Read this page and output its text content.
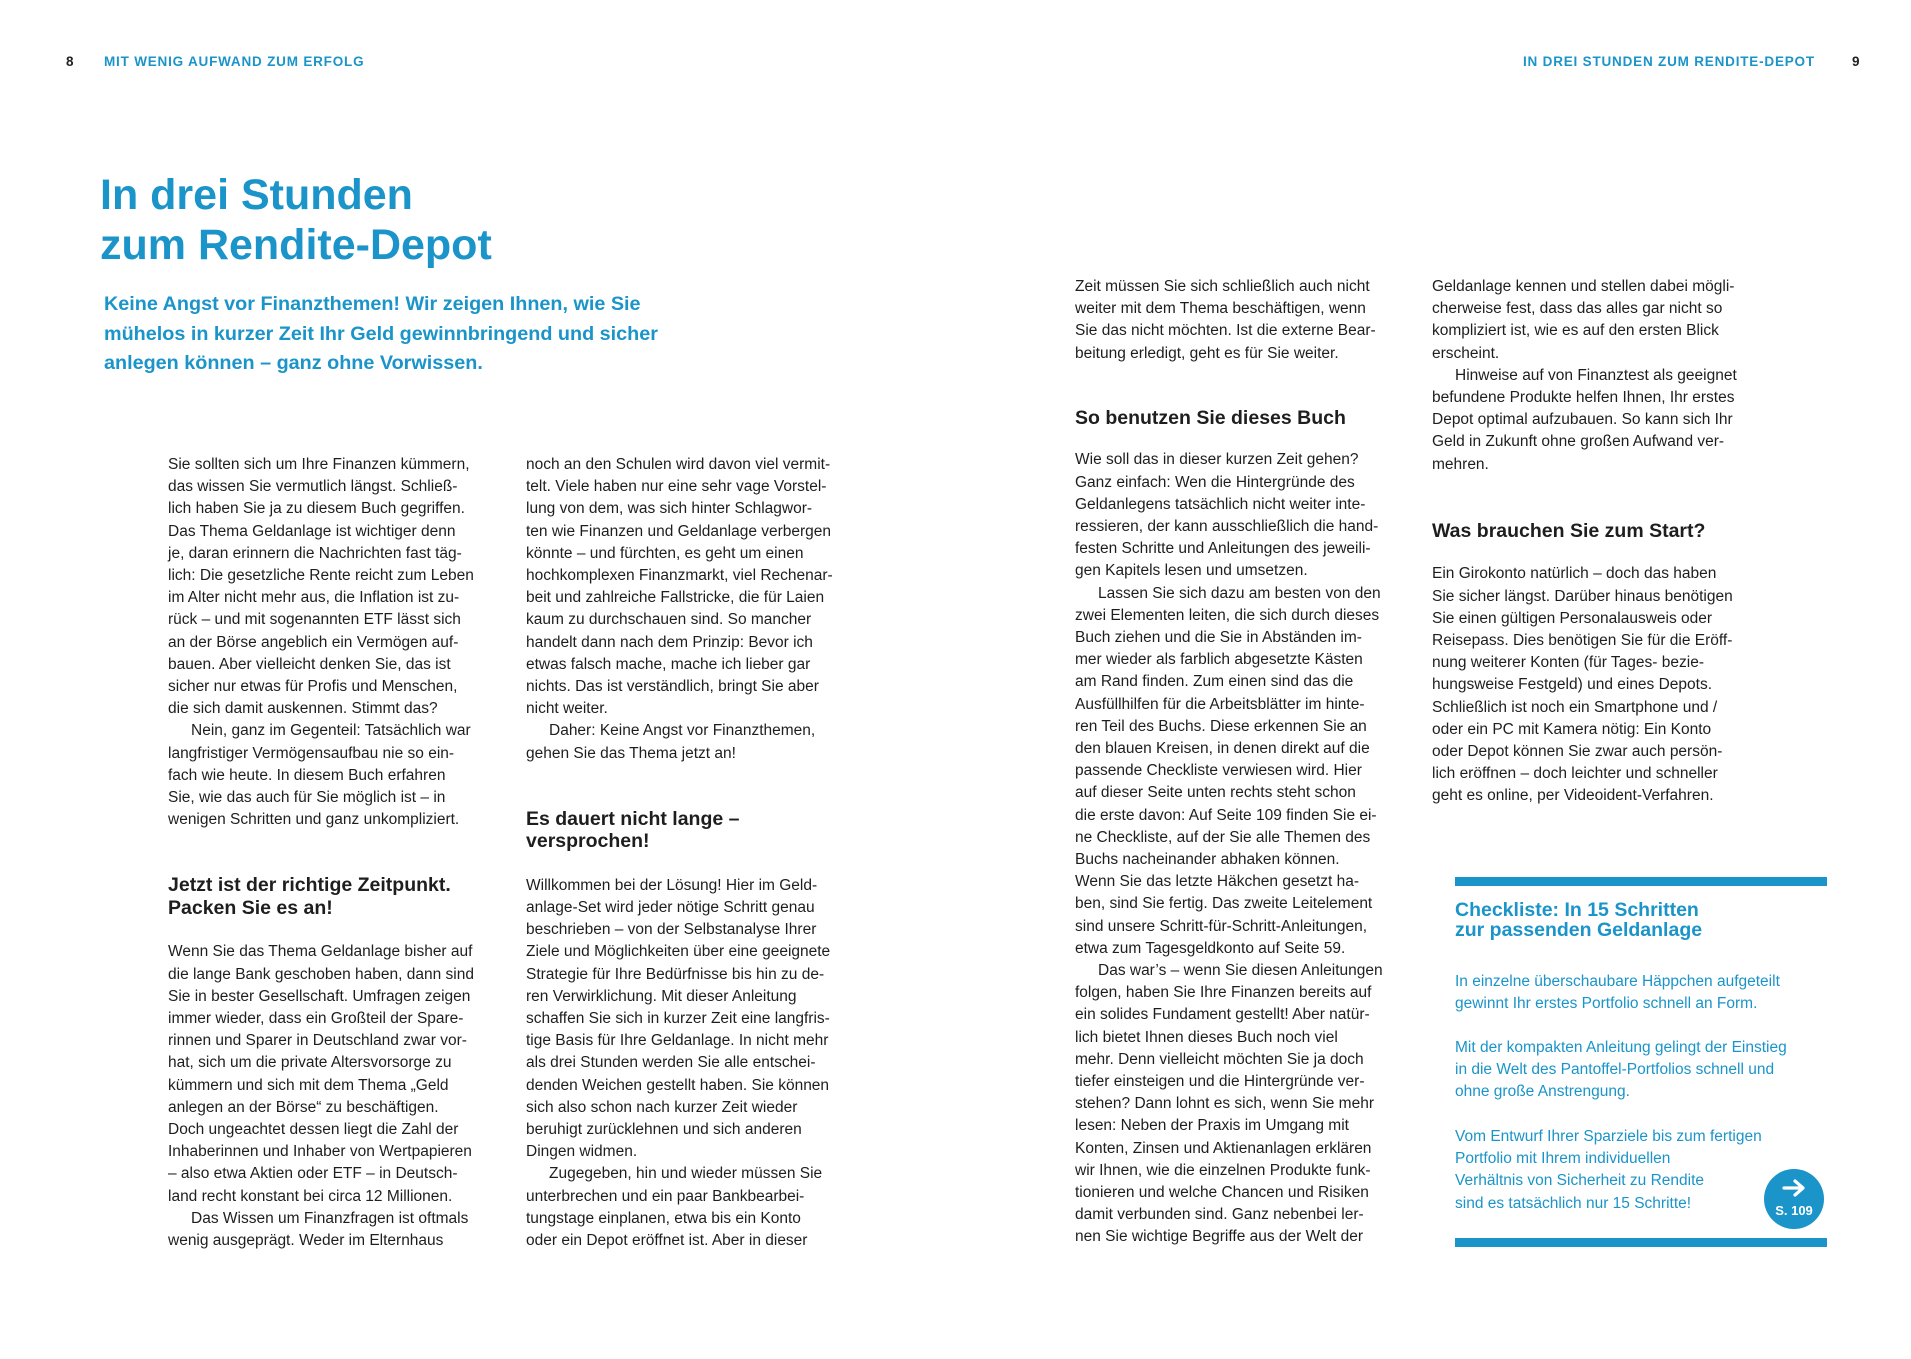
8 MIT WENIG AUFWAND ZUM ERFOLG	IN DREI STUNDEN ZUM RENDITE-DEPOT	9
In drei Stunden
zum Rendite-Depot

Keine Angst vor Finanzthemen! Wir zeigen Ihnen, wie Sie
mühelos in kurzer Zeit Ihr Geld gewinnbringend und sicher
anlegen können – ganz ohne Vorwissen.

Sie sollten sich um Ihre Finanzen kümmern,
das wissen Sie vermutlich längst. Schließ-
lich haben Sie ja zu diesem Buch gegriffen.
Das Thema Geldanlage ist wichtiger denn
je, daran erinnern die Nachrichten fast täg-
lich: Die gesetzliche Rente reicht zum Leben
im Alter nicht mehr aus, die Inflation ist zu-
rück – und mit sogenannten ETF lässt sich
an der Börse angeblich ein Vermögen auf-
bauen. Aber vielleicht denken Sie, das ist
sicher nur etwas für Profis und Menschen,
die sich damit auskennen. Stimmt das?

Nein, ganz im Gegenteil: Tatsächlich war
langfristiger Vermögensaufbau nie so ein-
fach wie heute. In diesem Buch erfahren
Sie, wie das auch für Sie möglich ist – in
wenigen Schritten und ganz unkompliziert.

Jetzt ist der richtige Zeitpunkt.
Packen Sie es an!

Wenn Sie das Thema Geldanlage bisher auf
die lange Bank geschoben haben, dann sind
Sie in bester Gesellschaft. Umfragen zeigen
immer wieder, dass ein Großteil der Spare-
rinnen und Sparer in Deutschland zwar vor-
hat, sich um die private Altersvorsorge zu
kümmern und sich mit dem Thema „Geld
anlegen an der Börse“ zu beschäftigen.
Doch ungeachtet dessen liegt die Zahl der
Inhaberinnen und Inhaber von Wertpapieren
– also etwa Aktien oder ETF – in Deutsch-
land recht konstant bei circa 12 Millionen.

Das Wissen um Finanzfragen ist oftmals
wenig ausgeprägt. Weder im Elternhaus

noch an den Schulen wird davon viel vermit-
telt. Viele haben nur eine sehr vage Vorstel-
lung von dem, was sich hinter Schlagwor-
ten wie Finanzen und Geldanlage verbergen
könnte – und fürchten, es geht um einen
hochkomplexen Finanzmarkt, viel Rechenar-
beit und zahlreiche Fallstricke, die für Laien
kaum zu durchschauen sind. So mancher
handelt dann nach dem Prinzip: Bevor ich
etwas falsch mache, mache ich lieber gar
nichts. Das ist verständlich, bringt Sie aber
nicht weiter.

Daher: Keine Angst vor Finanzthemen,
gehen Sie das Thema jetzt an!

Es dauert nicht lange –
versprochen!

Willkommen bei der Lösung! Hier im Geld-
anlage-Set wird jeder nötige Schritt genau
beschrieben – von der Selbstanalyse Ihrer
Ziele und Möglichkeiten über eine geeignete
Strategie für Ihre Bedürfnisse bis hin zu de-
ren Verwirklichung. Mit dieser Anleitung
schaffen Sie sich in kurzer Zeit eine langfris-
tige Basis für Ihre Geldanlage. In nicht mehr
als drei Stunden werden Sie alle entschei-
denden Weichen gestellt haben. Sie können
sich also schon nach kurzer Zeit wieder
beruhigt zurücklehnen und sich anderen
Dingen widmen.

Zugegeben, hin und wieder müssen Sie
unterbrechen und ein paar Bankbearbei-
tungstage einplanen, etwa bis ein Konto
oder ein Depot eröffnet ist. Aber in dieser

Zeit müssen Sie sich schließlich auch nicht
weiter mit dem Thema beschäftigen, wenn
Sie das nicht möchten. Ist die externe Bear-
beitung erledigt, geht es für Sie weiter.

So benutzen Sie dieses Buch

Wie soll das in dieser kurzen Zeit gehen?
Ganz einfach: Wen die Hintergründe des
Geldanlegens tatsächlich nicht weiter inte-
ressieren, der kann ausschließlich die hand-
festen Schritte und Anleitungen des jeweili-
gen Kapitels lesen und umsetzen.

Lassen Sie sich dazu am besten von den
zwei Elementen leiten, die sich durch dieses
Buch ziehen und die Sie in Abständen im-
mer wieder als farblich abgesetzte Kästen
am Rand finden. Zum einen sind das die
Ausfüllhilfen für die Arbeitsblätter im hinte-
ren Teil des Buchs. Diese erkennen Sie an
den blauen Kreisen, in denen direkt auf die
passende Checkliste verwiesen wird. Hier
auf dieser Seite unten rechts steht schon
die erste davon: Auf Seite 109 finden Sie ei-
ne Checkliste, auf der Sie alle Themen des
Buchs nacheinander abhaken können.
Wenn Sie das letzte Häkchen gesetzt ha-
ben, sind Sie fertig. Das zweite Leitelement
sind unsere Schritt-für-Schritt-Anleitungen,
etwa zum Tagesgeldkonto auf Seite 59.

Das war’s – wenn Sie diesen Anleitungen
folgen, haben Sie Ihre Finanzen bereits auf
ein solides Fundament gestellt! Aber natür-
lich bietet Ihnen dieses Buch noch viel
mehr. Denn vielleicht möchten Sie ja doch
tiefer einsteigen und die Hintergründe ver-
stehen? Dann lohnt es sich, wenn Sie mehr
lesen: Neben der Praxis im Umgang mit
Konten, Zinsen und Aktienanlagen erklären
wir Ihnen, wie die einzelnen Produkte funk-
tionieren und welche Chancen und Risiken
damit verbunden sind. Ganz nebenbei ler-
nen Sie wichtige Begriffe aus der Welt der

Geldanlage kennen und stellen dabei mögli-
cherweise fest, dass das alles gar nicht so
kompliziert ist, wie es auf den ersten Blick
erscheint.

Hinweise auf von Finanztest als geeignet
befundene Produkte helfen Ihnen, Ihr erstes
Depot optimal aufzubauen. So kann sich Ihr
Geld in Zukunft ohne großen Aufwand ver-
mehren.

Was brauchen Sie zum Start?

Ein Girokonto natürlich – doch das haben
Sie sicher längst. Darüber hinaus benötigen
Sie einen gültigen Personalausweis oder
Reisepass. Dies benötigen Sie für die Eröff-
nung weiterer Konten (für Tages- bezie-
hungsweise Festgeld) und eines Depots.
Schließlich ist noch ein Smartphone und /
oder ein PC mit Kamera nötig: Ein Konto
oder Depot können Sie zwar auch persön-
lich eröffnen – doch leichter und schneller
geht es online, per Videoident-Verfahren.

Checkliste: In 15 Schritten
zur passenden Geldanlage

In einzelne überschaubare Häppchen aufgeteilt
gewinnt Ihr erstes Portfolio schnell an Form.

Mit der kompakten Anleitung gelingt der Einstieg
in die Welt des Pantoffel-Portfolios schnell und
ohne große Anstrengung.

Vom Entwurf Ihrer Sparziele bis zum fertigen
Portfolio mit Ihrem individuellen
Verhältnis von Sicherheit zu Rendite
sind es tatsächlich nur 15 Schritte!	S. 109
